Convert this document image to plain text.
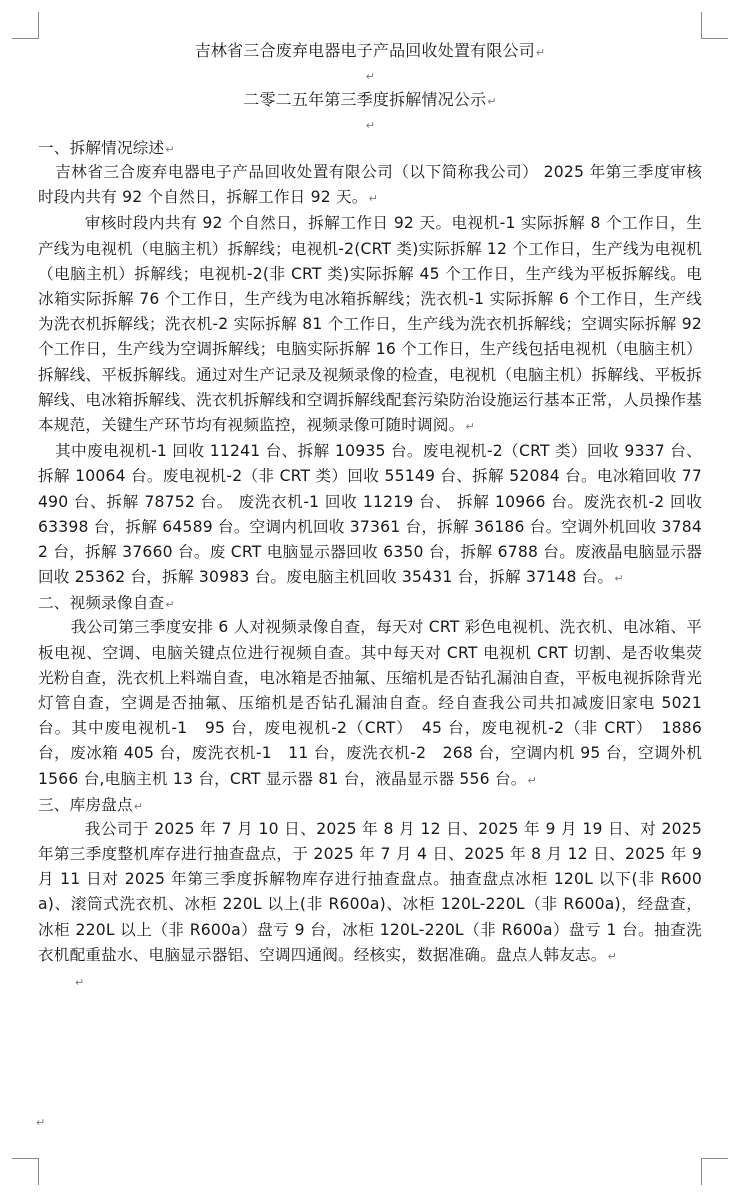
吉林省三合废弃电器电子产品回收处置有限公司↵
↵
二零二五年第三季度拆解情况公示↵
↵

一、拆解情况综述↵

吉林省三合废弃电器电子产品回收处置有限公司（以下简称我公司） 2025 年第三季度审核时段内共有 92 个自然日，拆解工作日 92 天。↵

审核时段内共有 92 个自然日，拆解工作日 92 天。电视机-1 实际拆解 8 个工作日，生产线为电视机（电脑主机）拆解线；电视机-2(CRT 类)实际拆解 12 个工作日，生产线为电视机（电脑主机）拆解线；电视机-2(非 CRT 类)实际拆解 45 个工作日，生产线为平板拆解线。电冰箱实际拆解 76 个工作日，生产线为电冰箱拆解线；洗衣机-1 实际拆解 6 个工作日，生产线为洗衣机拆解线；洗衣机-2 实际拆解 81 个工作日，生产线为洗衣机拆解线；空调实际拆解 92 个工作日，生产线为空调拆解线；电脑实际拆解 16 个工作日，生产线包括电视机（电脑主机）拆解线、平板拆解线。通过对生产记录及视频录像的检查，电视机（电脑主机）拆解线、平板拆解线、电冰箱拆解线、洗衣机拆解线和空调拆解线配套污染防治设施运行基本正常，人员操作基本规范，关键生产环节均有视频监控，视频录像可随时调阅。↵

其中废电视机-1 回收 11241 台、拆解 10935 台。废电视机-2（CRT 类）回收 9337 台、拆解 10064 台。废电视机-2（非 CRT 类）回收 55149 台、拆解 52084 台。电冰箱回收 77490 台、拆解 78752 台。 废洗衣机-1 回收 11219 台、 拆解 10966 台。废洗衣机-2 回收 63398 台，拆解 64589 台。空调内机回收 37361 台，拆解 36186 台。空调外机回收 37842 台，拆解 37660 台。废 CRT 电脑显示器回收 6350 台，拆解 6788 台。废液晶电脑显示器回收 25362 台，拆解 30983 台。废电脑主机回收 35431 台，拆解 37148 台。↵

二、视频录像自查↵

我公司第三季度安排 6 人对视频录像自查，每天对 CRT 彩色电视机、洗衣机、电冰箱、平板电视、空调、电脑关键点位进行视频自查。其中每天对 CRT 电视机 CRT 切割、是否收集荧光粉自查，洗衣机上料端自查，电冰箱是否抽氟、压缩机是否钻孔漏油自查，平板电视拆除背光灯管自查，空调是否抽氟、压缩机是否钻孔漏油自查。经自查我公司共扣减废旧家电 5021 台。其中废电视机-1　95 台，废电视机-2（CRT）　45 台，废电视机-2（非 CRT）　1886 台，废冰箱 405 台，废洗衣机-1　11 台，废洗衣机-2　268 台，空调内机 95 台，空调外机 1566 台,电脑主机 13 台，CRT 显示器 81 台，液晶显示器 556 台。↵

三、库房盘点↵

我公司于 2025 年 7 月 10 日、2025 年 8 月 12 日、2025 年 9 月 19 日、对 2025 年第三季度整机库存进行抽查盘点，于 2025 年 7 月 4 日、2025 年 8 月 12 日、2025 年 9 月 11 日对 2025 年第三季度拆解物库存进行抽查盘点。抽查盘点冰柜 120L 以下(非 R600a)、滚筒式洗衣机、冰柜 220L 以上(非 R600a)、冰柜 120L-220L（非 R600a)，经盘查，冰柜 220L 以上（非 R600a）盘亏 9 台，冰柜 120L-220L（非 R600a）盘亏 1 台。抽查洗衣机配重盐水、电脑显示器铝、空调四通阀。经核实，数据准确。盘点人韩友志。↵

↵
↵
